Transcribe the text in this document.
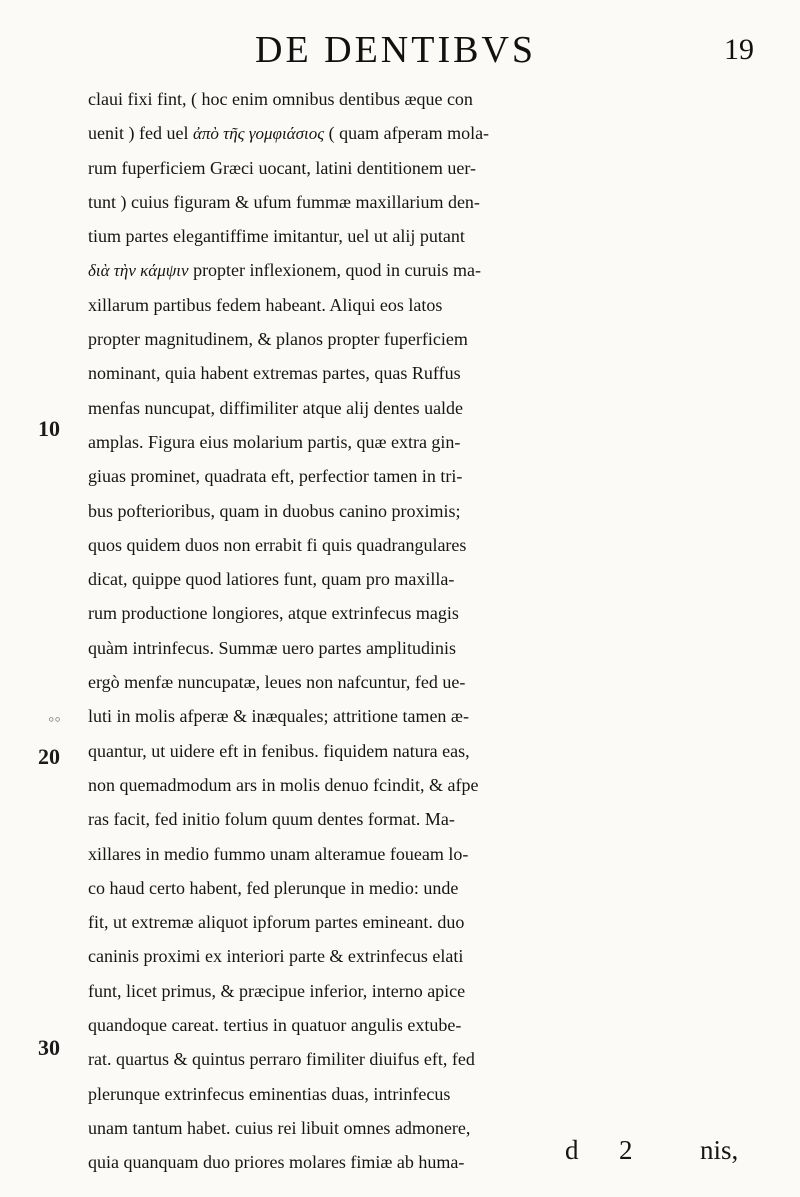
DE DENTIBVS	19
10
◦◦
20
30
claui fixi fint, ( hoc enim omnibus dentibus æque con
uenit ) fed uel ἀπὸ τῆς γομφιάσιος ( quam afperam mola-
rum fuperficiem Græci uocant, latini dentitionem uer-
tunt ) cuius figuram & ufum fummæ maxillarium den-
tium partes elegantiffime imitantur, uel ut alij putant
διὰ τὴν κάμψιν propter inflexionem, quod in curuis ma-
xillarum partibus fedem habeant. Aliqui eos latos
propter magnitudinem, & planos propter fuperficiem
nominant, quia habent extremas partes, quas Ruffus
menfas nuncupat, diffimiliter atque alij dentes ualde
amplas. Figura eius molarium partis, quæ extra gin-
giuas prominet, quadrata eft, perfectior tamen in tri-
bus pofterioribus, quam in duobus canino proximis;
quos quidem duos non errabit fi quis quadrangulares
dicat, quippe quod latiores funt, quam pro maxilla-
rum productione longiores, atque extrinfecus magis
quàm intrinfecus. Summæ uero partes amplitudinis
ergò menfæ nuncupatæ, leues non nafcuntur, fed ue-
luti in molis afperæ & inæquales; attritione tamen æ-
quantur, ut uidere eft in fenibus. fiquidem natura eas,
non quemadmodum ars in molis denuo fcindit, & afpe
ras facit, fed initio folum quum dentes format. Ma-
xillares in medio fummo unam alteramue foueam lo-
co haud certo habent, fed plerunque in medio: unde
fit, ut extremæ aliquot ipforum partes emineant. duo
caninis proximi ex interiori parte & extrinfecus elati
funt, licet primus, & præcipue inferior, interno apice
quandoque careat. tertius in quatuor angulis extube-
rat. quartus & quintus perraro fimiliter diuifus eft, fed
plerunque extrinfecus eminentias duas, intrinfecus
unam tantum habet. cuius rei libuit omnes admonere,
quia quanquam duo priores molares fimiæ ab huma-	d 2	nis,
